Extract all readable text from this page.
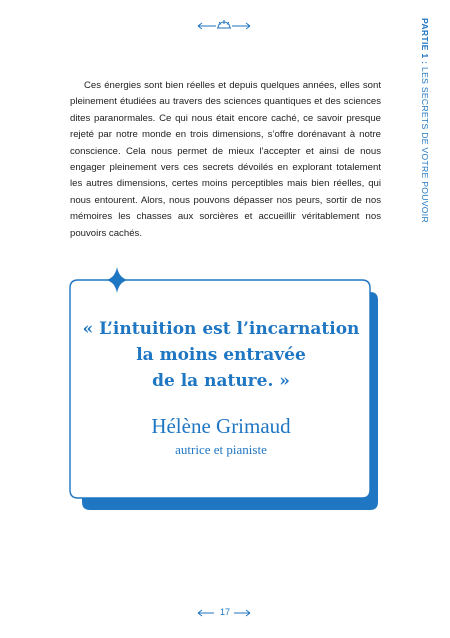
PARTIE 1 : LES SECRETS DE VOTRE POUVOIR

Ces énergies sont bien réelles et depuis quelques années, elles sont pleinement étudiées au travers des sciences quantiques et des sciences dites paranormales. Ce qui nous était encore caché, ce savoir presque rejeté par notre monde en trois dimensions, s’offre dorénavant à notre conscience. Cela nous permet de mieux l’accepter et ainsi de nous engager pleinement vers ces secrets dévoilés en explorant totalement les autres dimensions, certes moins perceptibles mais bien réelles, qui nous entourent. Alors, nous pouvons dépasser nos peurs, sortir de nos mémoires les chasses aux sorcières et accueillir véritablement nos pouvoirs cachés.

« L’intuition est l’incarnation
la moins entravée
de la nature. »

Hélène Grimaud
autrice et pianiste
17
